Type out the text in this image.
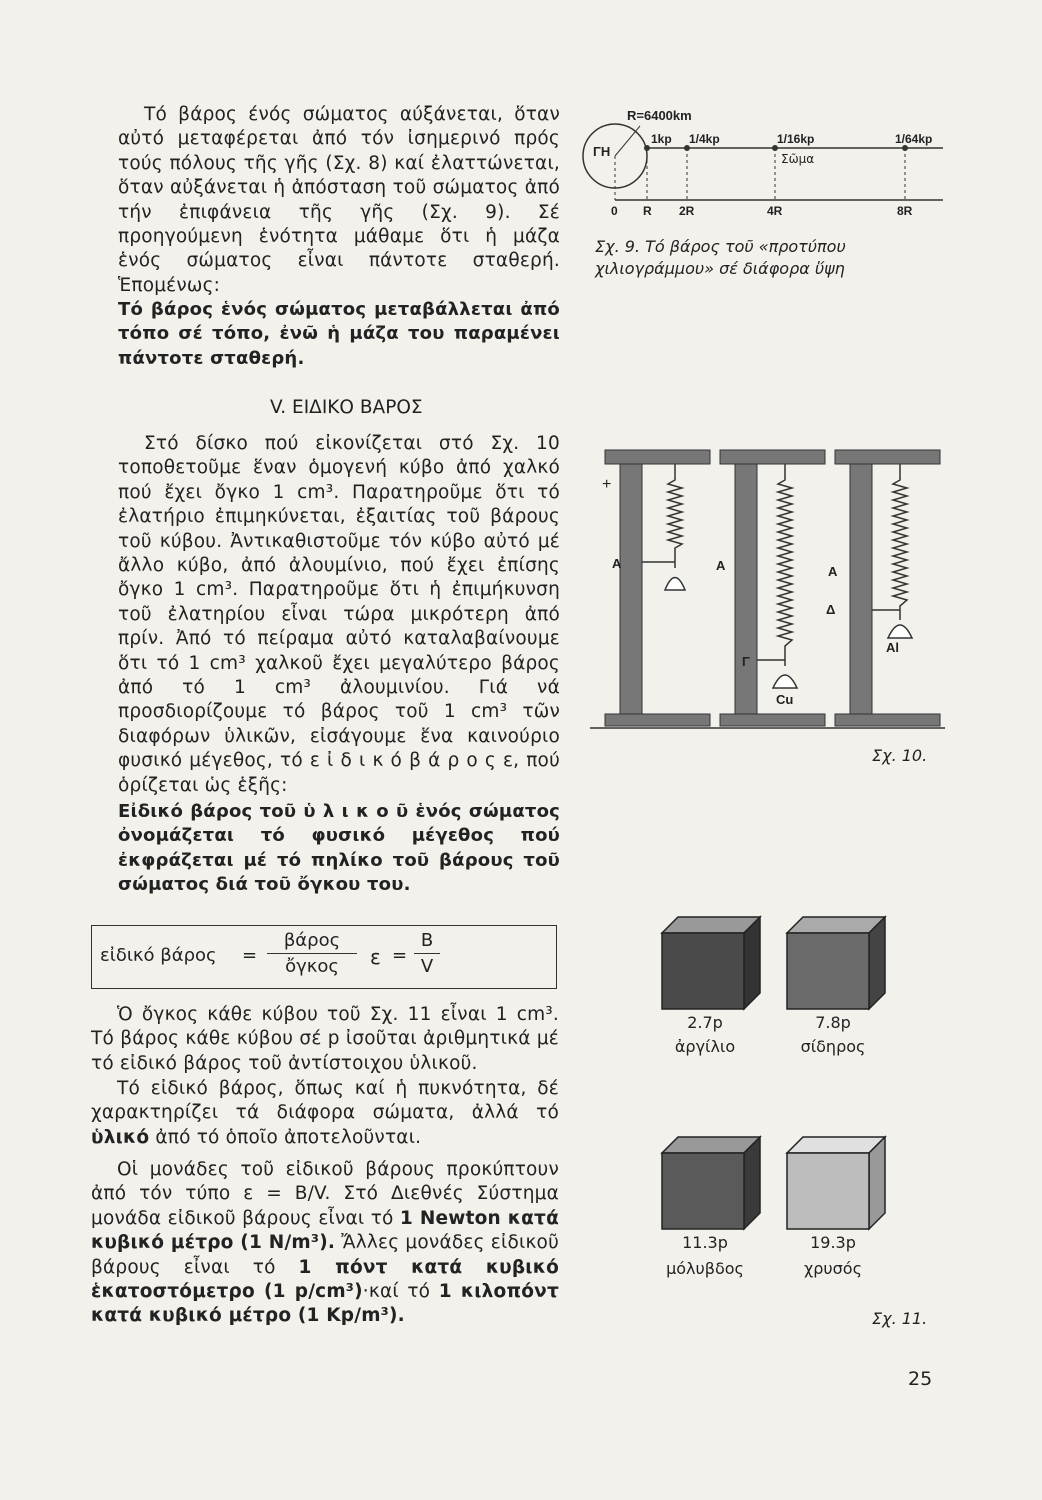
Τό βάρος ένός σώματος αύξάνεται, ὅταν αὐτό μεταφέρεται ἀπό τόν ἰσημερινό πρός τούς πόλους τῆς γῆς (Σχ. 8) καί ἐλαττώνεται, ὅταν αὐξάνεται ἡ ἀπόσταση τοῦ σώματος ἀπό τήν ἐπιφάνεια τῆς γῆς (Σχ. 9). Σέ προηγούμενη ἑνότητα μάθαμε ὅτι ἡ μάζα ἑνός σώματος εἶναι πάντοτε σταθερή. Ἑπομένως:

Τό βάρος ἑνός σώματος μεταβάλλεται ἀπό τόπο σέ τόπο, ἐνῶ ἡ μάζα του παραμένει πάντοτε σταθερή.

V. ΕΙΔΙΚΟ ΒΑΡΟΣ

Στό δίσκο πού εἰκονίζεται στό Σχ. 10 τοποθετοῦμε ἕναν ὁμογενή κύβο ἀπό χαλκό πού ἔχει ὄγκο 1 cm³. Παρατηροῦμε ὅτι τό ἐλατήριο ἐπιμηκύνεται, ἐξαιτίας τοῦ βάρους τοῦ κύβου. Ἀντικαθιστοῦμε τόν κύβο αὐτό μέ ἄλλο κύβο, ἀπό ἀλουμίνιο, πού ἔχει ἐπίσης ὄγκο 1 cm³. Παρατηροῦμε ὅτι ἡ ἐπιμήκυνση τοῦ ἐλατηρίου εἶναι τώρα μικρότερη ἀπό πρίν. Ἀπό τό πείραμα αὐτό καταλαβαίνουμε ὅτι τό 1 cm³ χαλκοῦ ἔχει μεγαλύτερο βάρος ἀπό τό 1 cm³ ἀλουμινίου. Γιά νά προσδιορίζουμε τό βάρος τοῦ 1 cm³ τῶν διαφόρων ὑλικῶν, εἰσάγουμε ἕνα καινούριο φυσικό μέγεθος, τό ε ἰ δ ι κ ό β ά ρ ο ς ε, πού ὁρίζεται ὡς ἑξῆς:

Εἰδικό βάρος τοῦ ὑ λ ι κ ο ῦ ἑνός σώματος ὀνομάζεται τό φυσικό μέγεθος πού ἐκφράζεται μέ τό πηλίκο τοῦ βάρους τοῦ σώματος διά τοῦ ὄγκου του.

εἰδικό βάρος =
βάρος
ὄγκος	$\varepsilon = \frac{B}{V}$

Ὁ ὄγκος κάθε κύβου τοῦ Σχ. 11 εἶναι 1 cm³. Τό βάρος κάθε κύβου σέ p ἰσοῦται ἀριθμητικά μέ τό εἰδικό βάρος τοῦ ἀντίστοιχου ὑλικοῦ.

Τό εἰδικό βάρος, ὅπως καί ἡ πυκνότητα, δέ χαρακτηρίζει τά διάφορα σώματα, ἀλλά τό ὑλικό ἀπό τό ὁποῖο ἀποτελοῦνται.

Οἱ μονάδες τοῦ εἰδικοῦ βάρους προκύπτουν ἀπό τόν τύπο ε = B/V. Στό Διεθνές Σύστημα μονάδα εἰδικοῦ βάρους εἶναι τό 1 Newton κατά κυβικό μέτρο (1 N/m³). Ἄλλες μονάδες εἰδικοῦ βάρους εἶναι τό 1 πόντ κατά κυβικό ἑκατοστόμετρο (1 p/cm³)·καί τό 1 κιλοπόντ κατά κυβικό μέτρο (1 Kp/m³).

R=6400km
ΓΗ
1kp 1/4kp	1/16kp	1/64kp
Σῶμα
0 R 2R	4R	8R
Σχ. 9. Τό βάρος τοῦ «προτύπου χιλιογράμμου» σέ διάφορα ὕψη
+
A	A	A
Γ
Δ
Cu
Al
Σχ. 10.
2.7p
ἀργίλιο
7.8p
σίδηρος
11.3p
μόλυβδος
19.3p
χρυσός
Σχ. 11.
25
